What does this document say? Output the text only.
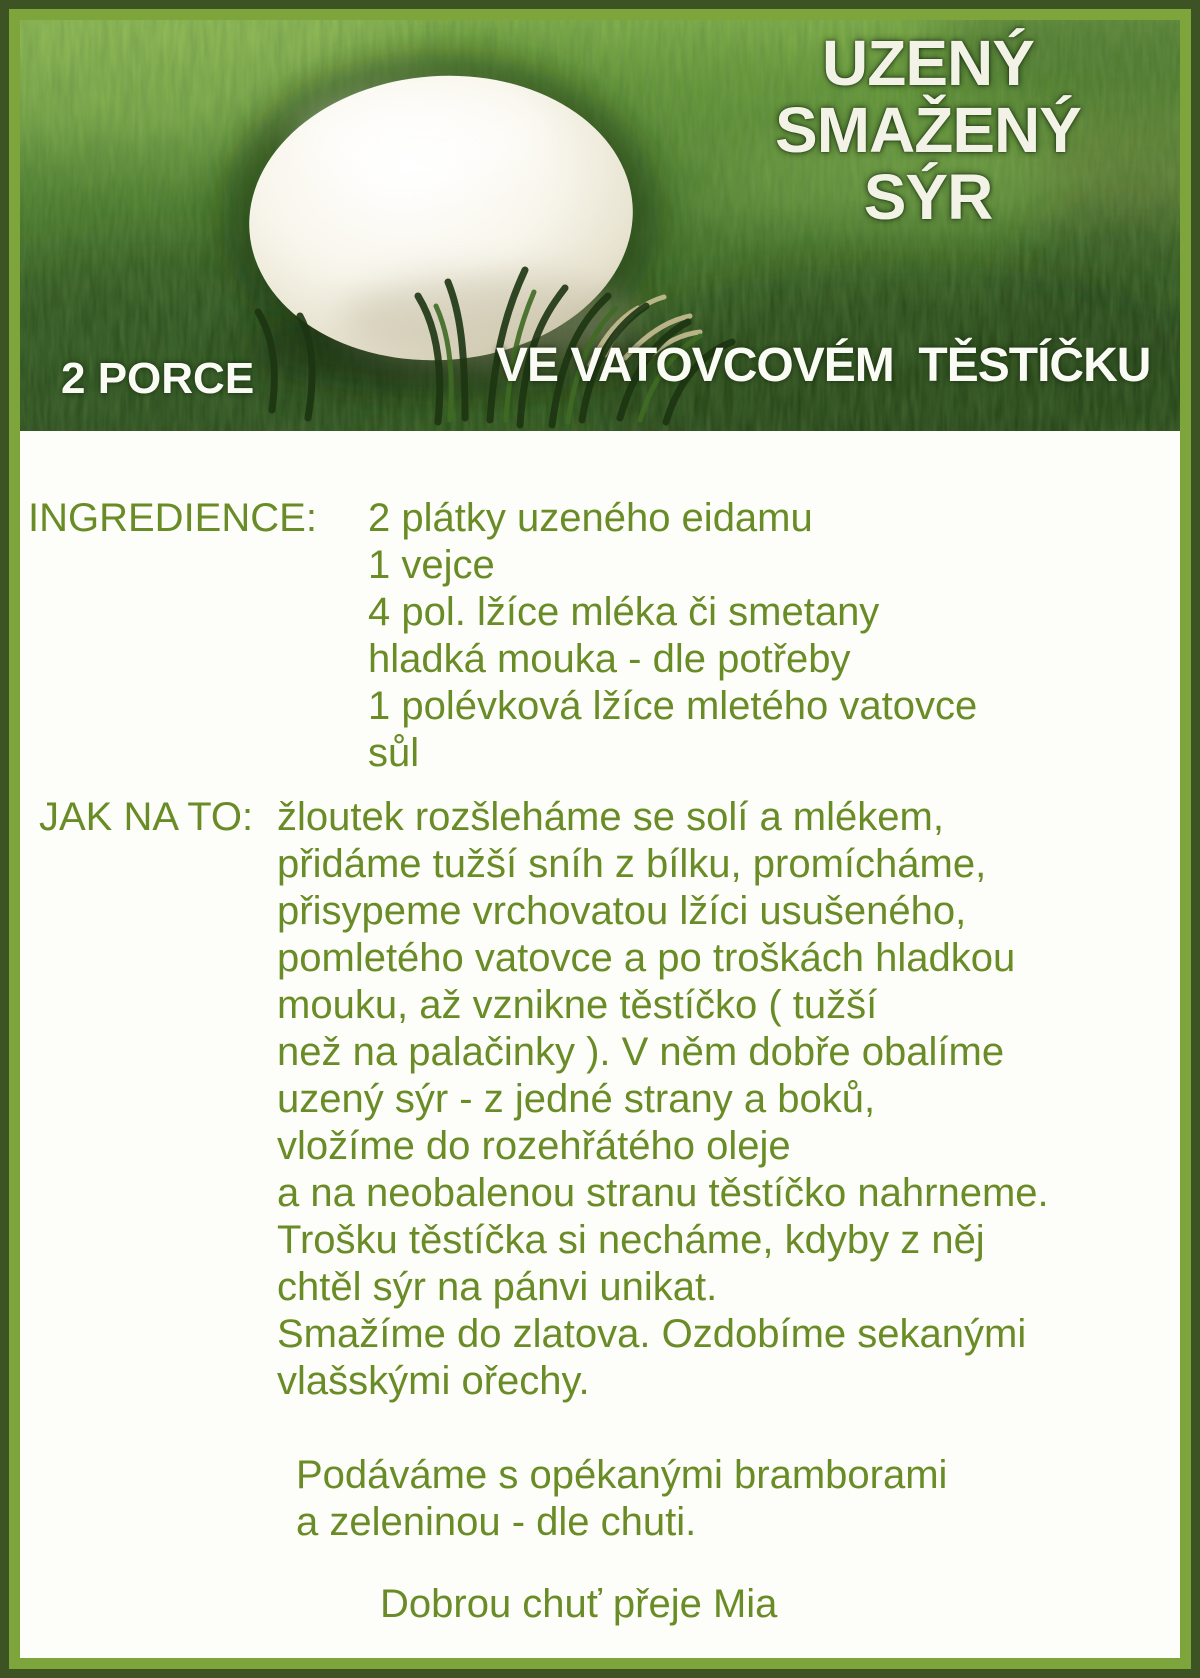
UZENÝ
SMAŽENÝ
SÝR
2 PORCE	VE VATOVCOVÉM  TĚSTÍČKU
INGREDIENCE:	2 plátky uzeného eidamu
1 vejce
4 pol. lžíce mléka či smetany
hladká mouka - dle potřeby
1 polévková lžíce mletého vatovce
sůl
JAK NA TO: žloutek rozšleháme se solí a mlékem,
přidáme tužší sníh z bílku, promícháme,
přisypeme vrchovatou lžíci usušeného,
pomletého vatovce a po troškách hladkou
mouku, až vznikne těstíčko ( tužší
než na palačinky ). V něm dobře obalíme
uzený sýr - z jedné strany a boků,
vložíme do rozehřátého oleje
a na neobalenou stranu těstíčko nahrneme.
Trošku těstíčka si necháme, kdyby z něj
chtěl sýr na pánvi unikat.
Smažíme do zlatova. Ozdobíme sekanými
vlašskými ořechy.
Podáváme s opékanými bramborami
a zeleninou - dle chuti.
Dobrou chuť přeje Mia
